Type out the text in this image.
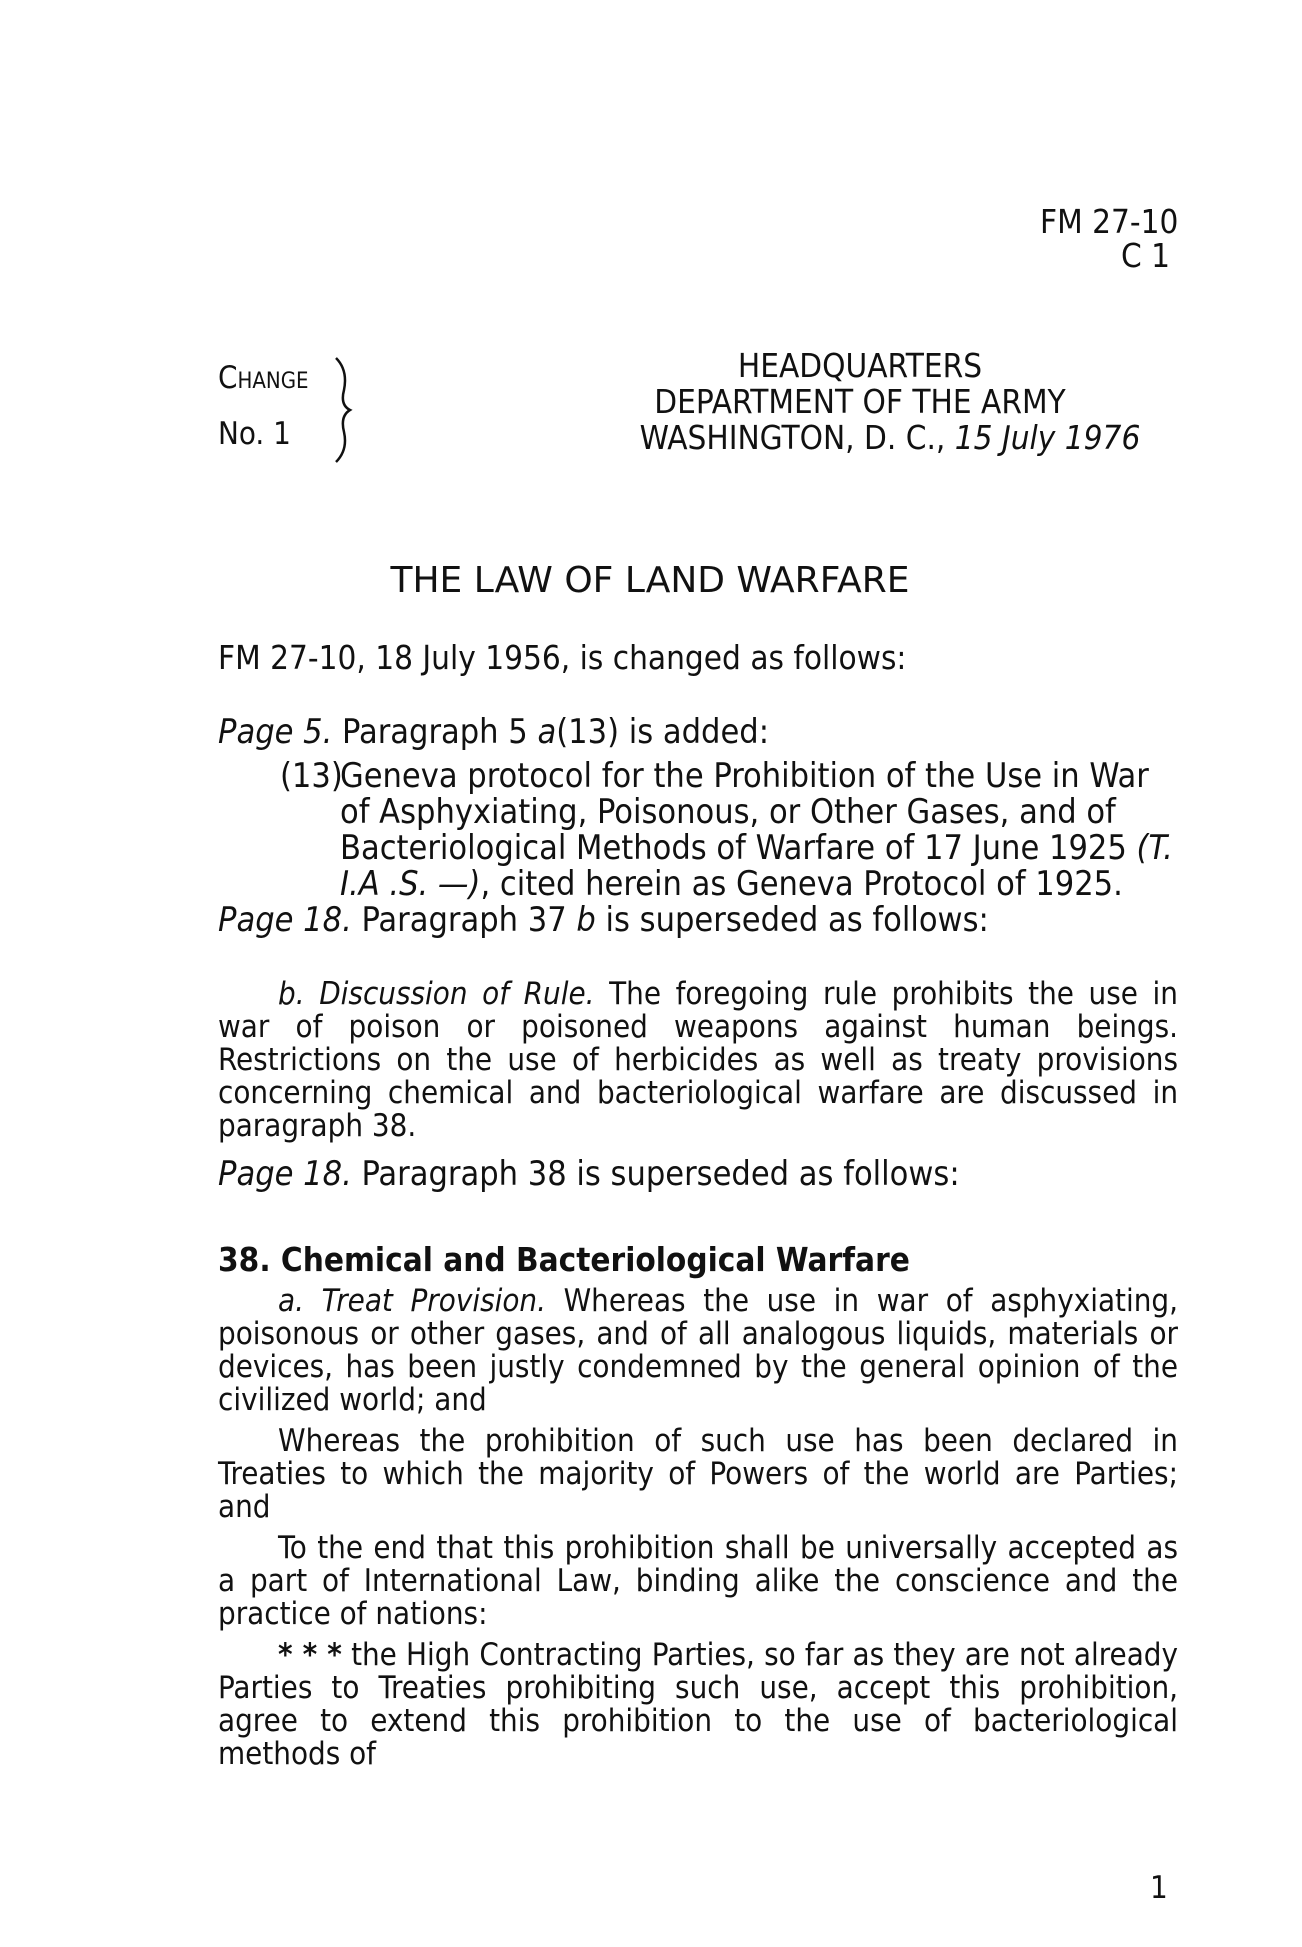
FM 27-10
C 1
Change
No. 1
HEADQUARTERS
DEPARTMENT OF THE ARMY
WASHINGTON, D. C., 15 July 1976
THE LAW OF LAND WARFARE
FM 27-10, 18 July 1956, is changed as follows:
Page 5. Paragraph 5 a(13) is added:
(13)
Geneva protocol for the Prohibition of the Use in War of Asphyxiating, Poisonous, or Other Gases, and of Bacteriological Methods of Warfare of 17 June 1925 (T. I.A .S. —), cited herein as Geneva Protocol of 1925.
Page 18. Paragraph 37 b is superseded as follows:
b. Discussion of Rule. The foregoing rule prohibits the use in war of poison or poisoned weapons against human beings. Restrictions on the use of herbicides as well as treaty provisions concerning chemical and bacteriological warfare are discussed in paragraph 38.
Page 18. Paragraph 38 is superseded as follows:
38. Chemical and Bacteriological Warfare

a. Treat Provision. Whereas the use in war of asphyxiating, poisonous or other gases, and of all analogous liquids, materials or devices, has been justly condemned by the general opinion of the civilized world; and

Whereas the prohibition of such use has been declared in Treaties to which the majority of Powers of the world are Parties; and

To the end that this prohibition shall be universally accepted as a part of International Law, binding alike the conscience and the practice of nations:

* * * the High Contracting Parties, so far as they are not already Parties to Treaties prohibiting such use, accept this prohibition, agree to extend this prohibition to the use of bacteriological methods of

1
